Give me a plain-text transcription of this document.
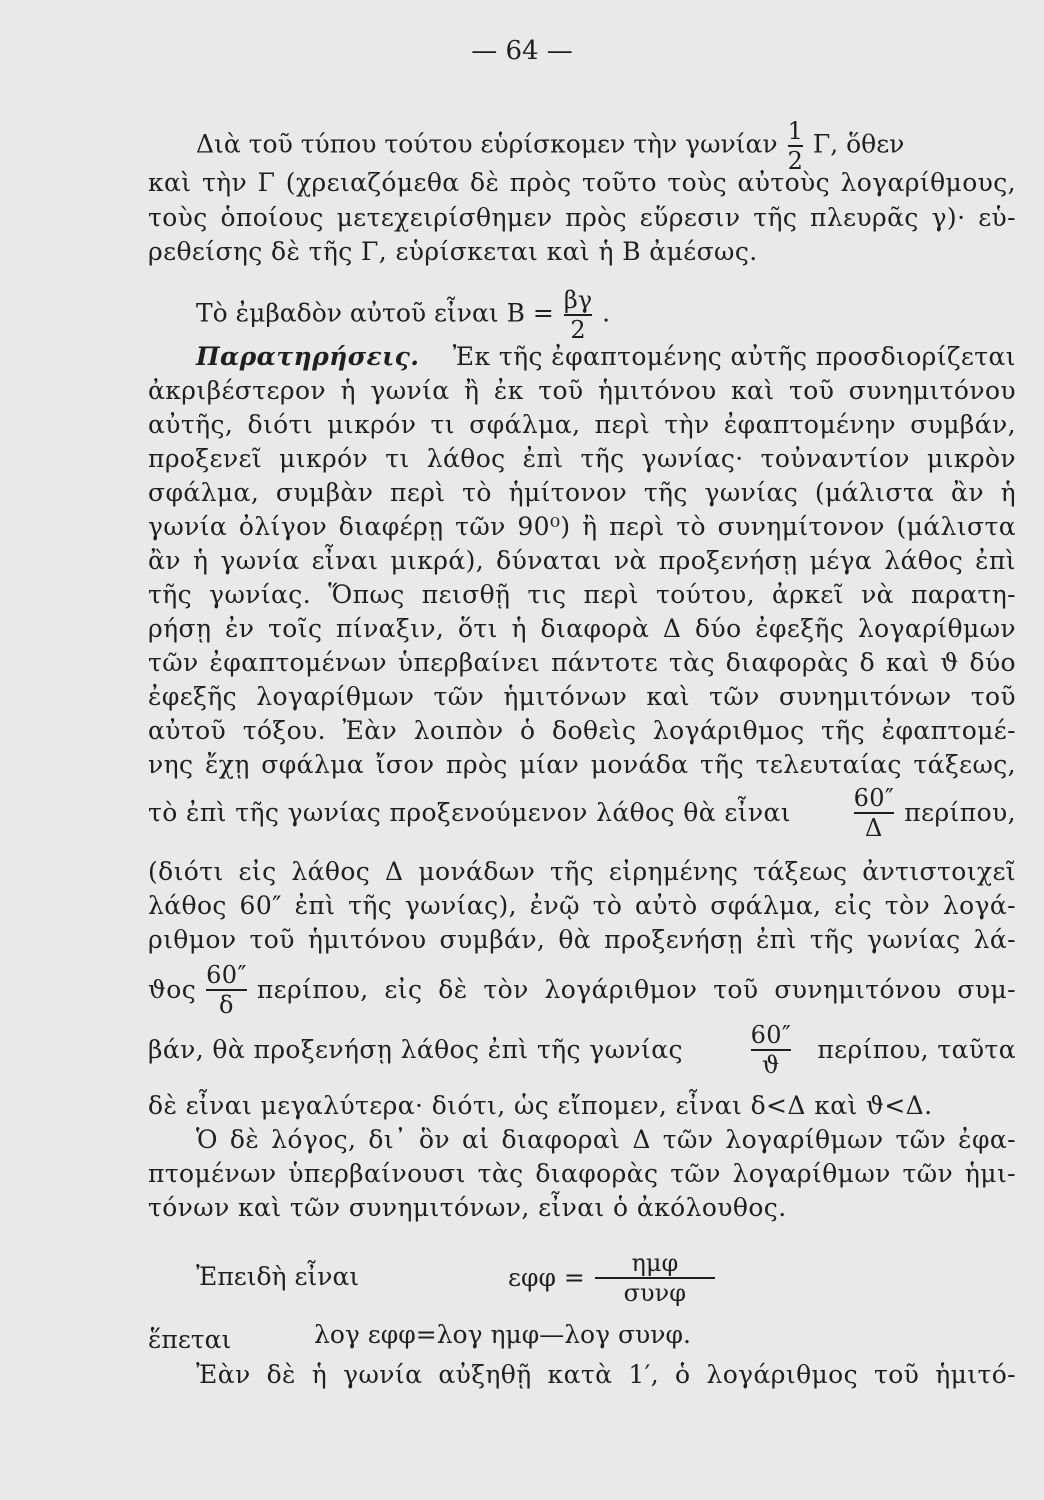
— 64 —
Διὰ τοῦ τύπου τούτου εὑρίσκομεν τὴν γωνίαν $\frac{1}{2} \Gamma$, ὅθεν
καὶ τὴν Γ (χρειαζόμεθα δὲ πρὸς τοῦτο τοὺς αὐτοὺς λογαρίθμους,
τοὺς ὁποίους μετεχειρίσθημεν πρὸς εὕρεσιν τῆς πλευρᾶς γ)· εὑ-
ρεθείσης δὲ τῆς Γ, εὑρίσκεται καὶ ἡ Β ἀμέσως.
Τὸ ἐμβαδὸν αὐτοῦ εἶναι $B = \frac{\beta\gamma}{2}$ .
Παρατηρήσεις. Ἐκ τῆς ἐφαπτομένης αὐτῆς προσδιορίζεται
ἀκριβέστερον ἡ γωνία ἢ ἐκ τοῦ ἡμιτόνου καὶ τοῦ συνημιτόνου
αὐτῆς, διότι μικρόν τι σφάλμα, περὶ τὴν ἐφαπτομένην συμβάν,
προξενεῖ μικρόν τι λάθος ἐπὶ τῆς γωνίας· τοὐναντίον μικρὸν
σφάλμα, συμβὰν περὶ τὸ ἡμίτονον τῆς γωνίας (μάλιστα ἂν ἡ
γωνία ὀλίγον διαφέρῃ τῶν 90⁰) ἢ περὶ τὸ συνημίτονον (μάλιστα
ἂν ἡ γωνία εἶναι μικρά), δύναται νὰ προξενήσῃ μέγα λάθος ἐπὶ
τῆς γωνίας. Ὅπως πεισθῇ τις περὶ τούτου, ἀρκεῖ νὰ παρατη-
ρήσῃ ἐν τοῖς πίναξιν, ὅτι ἡ διαφορὰ Δ δύο ἐφεξῆς λογαρίθμων
τῶν ἐφαπτομένων ὑπερβαίνει πάντοτε τὰς διαφορὰς δ καὶ ϑ δύο
ἐφεξῆς λογαρίθμων τῶν ἡμιτόνων καὶ τῶν συνημιτόνων τοῦ
αὐτοῦ τόξου. Ἐὰν λοιπὸν ὁ δοθεὶς λογάριθμος τῆς ἐφαπτομέ-
νης ἔχῃ σφάλμα ἴσον πρὸς μίαν μονάδα τῆς τελευταίας τάξεως,
τὸ ἐπὶ τῆς γωνίας προξενούμενον λάθος θὰ εἶναι	$\frac{60''}{\Delta} \pi\varepsilon\rho ί\pi o\upsilon$,
(διότι εἰς λάθος Δ μονάδων τῆς εἰρημένης τάξεως ἀντιστοιχεῖ
λάθος 60″ ἐπὶ τῆς γωνίας), ἐνῷ τὸ αὐτὸ σφάλμα, εἰς τὸν λογά-
ριθμον τοῦ ἡμιτόνου συμβάν, θὰ προξενήσῃ ἐπὶ τῆς γωνίας λά-
ϑος $\frac{60''}{\delta} \pi\varepsilon\rho ί\pi o\upsilon$, εἰς δὲ τὸν λογάριθμον τοῦ συνημιτόνου συμ-
βάν, θὰ προξενήσῃ λάθος ἐπὶ τῆς γωνίας	$\frac{60''}{ϑ} \pi\varepsilon\rho ί\pi o\upsilon$, ταῦτα
δὲ εἶναι μεγαλύτερα· διότι, ὡς εἴπομεν, εἶναι δ<Δ καὶ ϑ<Δ.
Ὁ δὲ λόγος, δι᾿ ὃν αἱ διαφοραὶ Δ τῶν λογαρίθμων τῶν ἐφα-
πτομένων ὑπερβαίνουσι τὰς διαφορὰς τῶν λογαρίθμων τῶν ἡμι-
τόνων καὶ τῶν συνημιτόνων, εἶναι ὁ ἀκόλουθος.
Ἐπειδὴ εἶναι	$\varepsilon\varphi\varphi = \frac{\text{ημφ}}{\text{συνφ}}$
ἕπεται	λογ εφφ=λογ ημφ—λογ συνφ.
Ἐὰν δὲ ἡ γωνία αὐξηθῇ κατὰ 1′, ὁ λογάριθμος τοῦ ἡμιτό-
